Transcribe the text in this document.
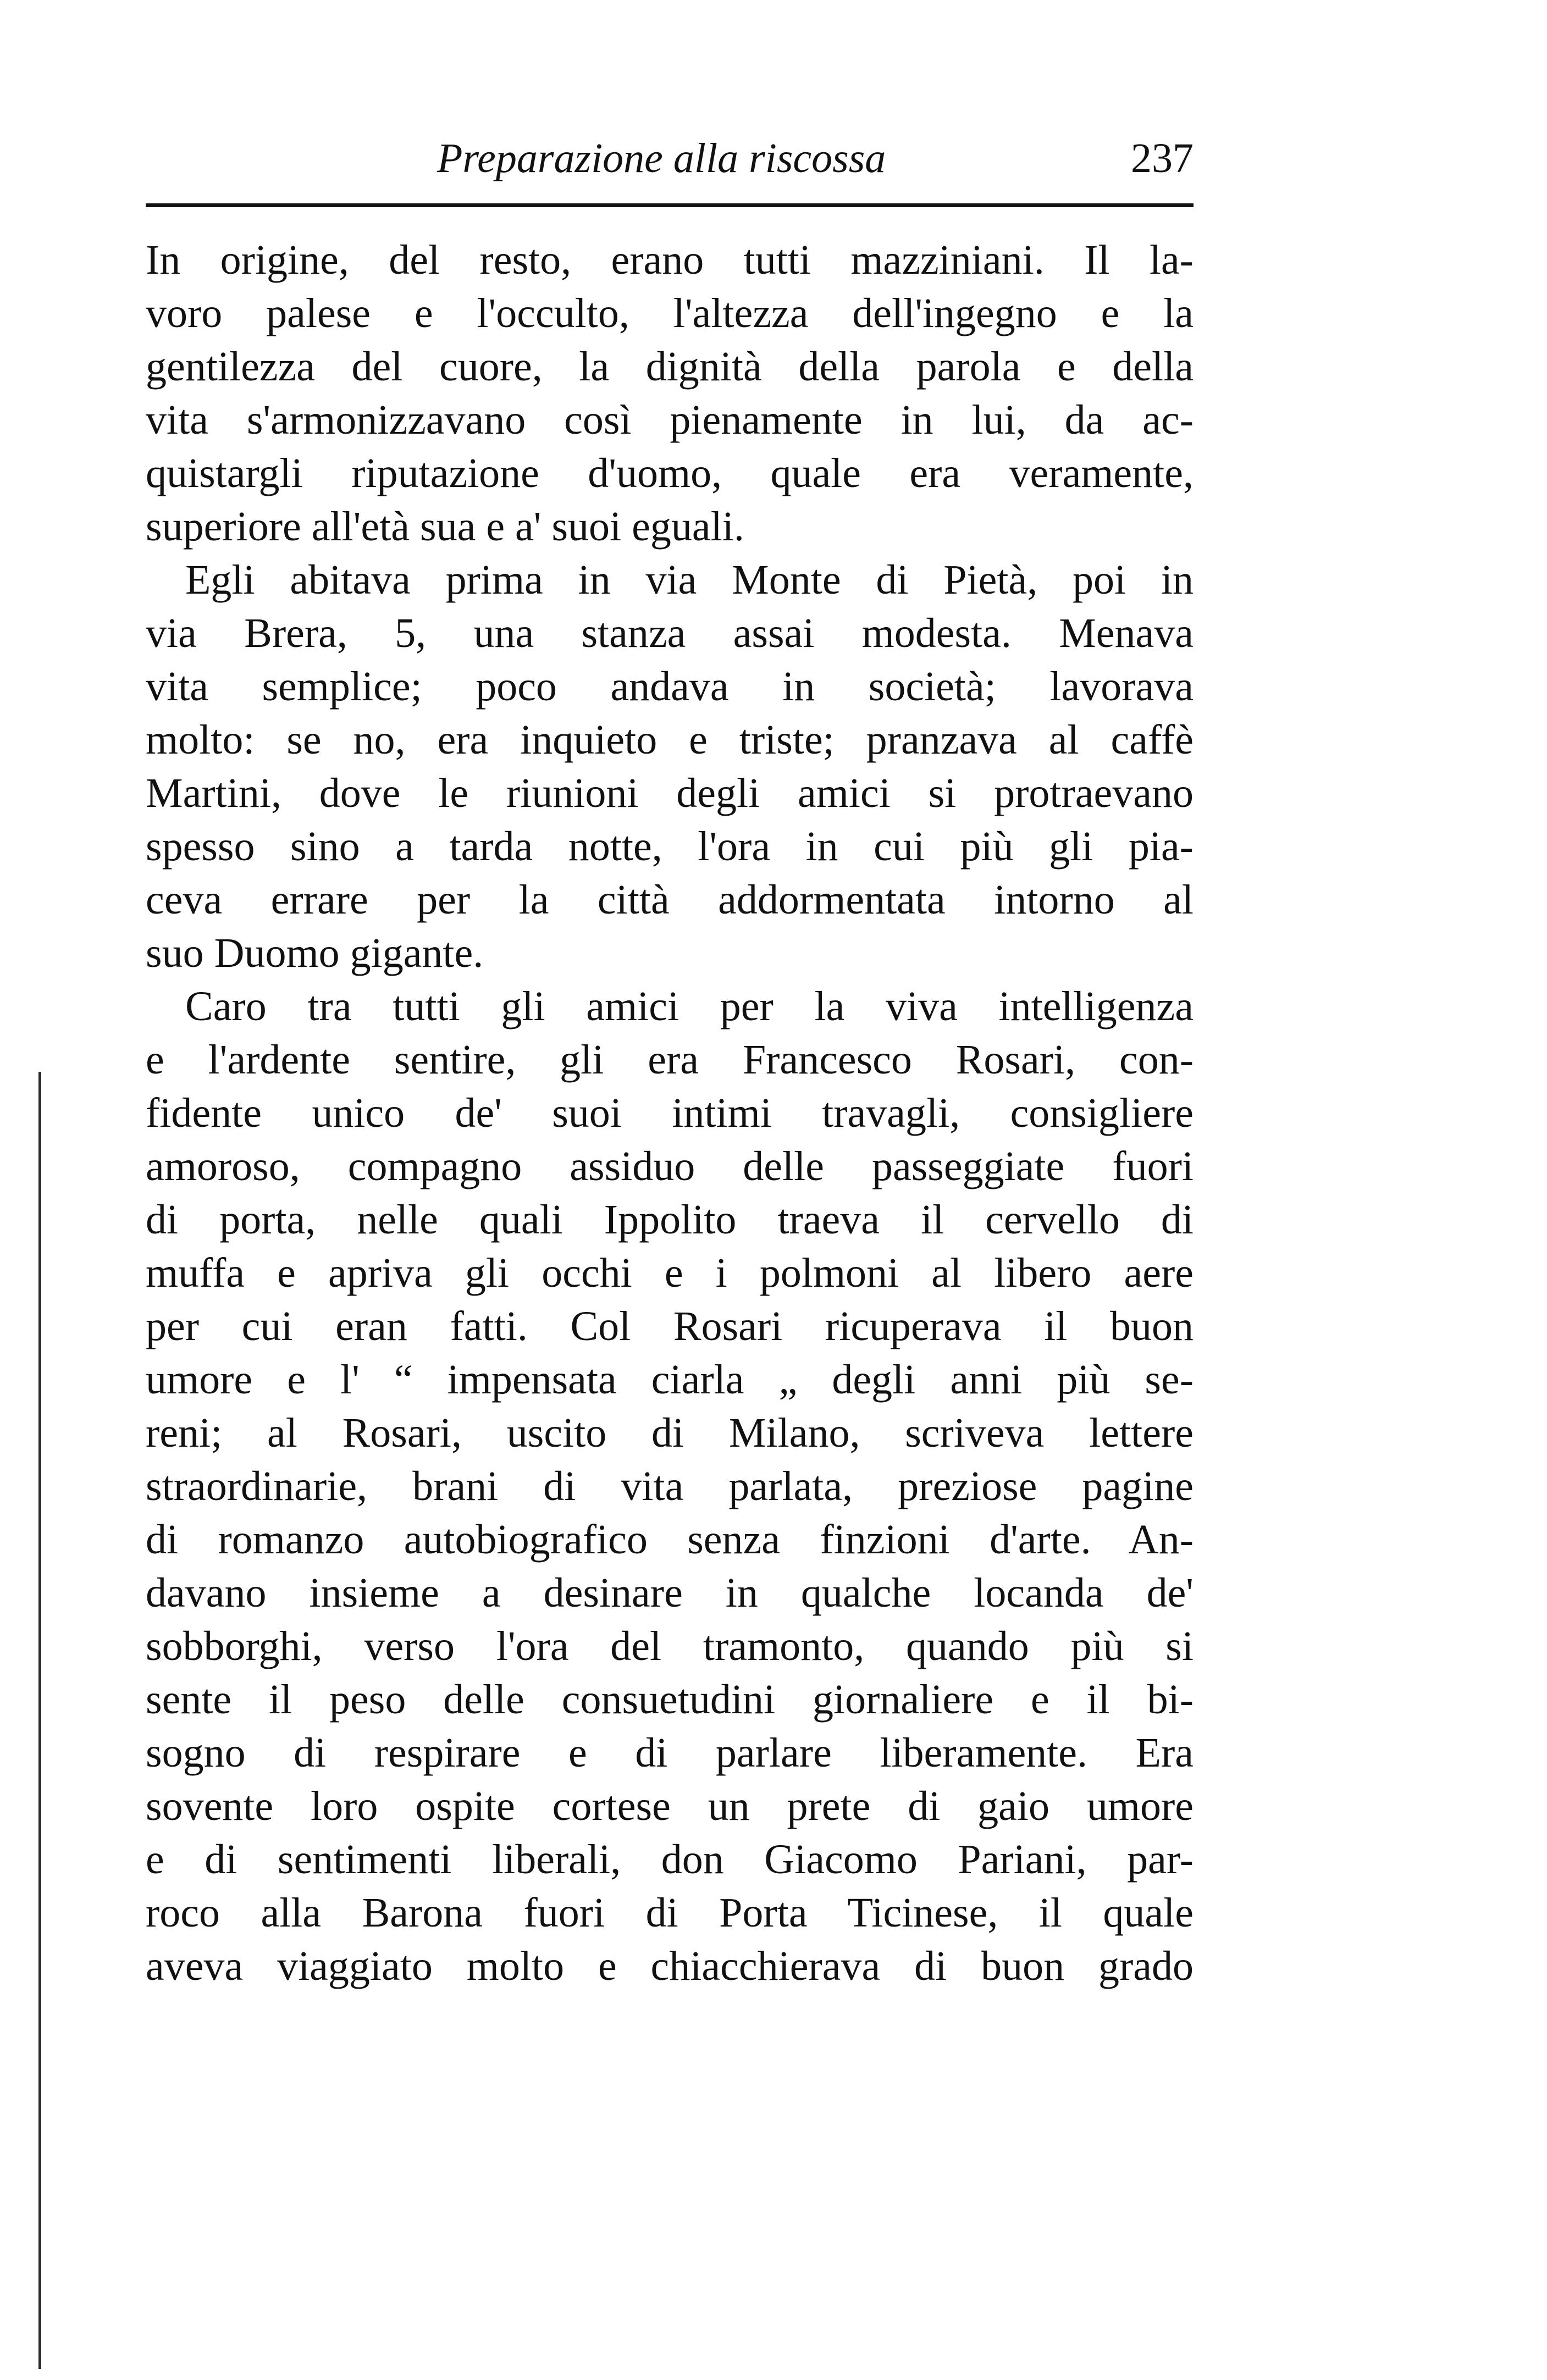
Preparazione alla riscossa	237
In origine, del resto, erano tutti mazziniani. Il la-
voro palese e l'occulto, l'altezza dell'ingegno e la
gentilezza del cuore, la dignità della parola e della
vita s'armonizzavano così pienamente in lui, da ac-
quistargli riputazione d'uomo, quale era veramente,
superiore all'età sua e a' suoi eguali.
Egli abitava prima in via Monte di Pietà, poi in
via Brera, 5, una stanza assai modesta. Menava
vita semplice; poco andava in società; lavorava
molto: se no, era inquieto e triste; pranzava al caffè
Martini, dove le riunioni degli amici si protraevano
spesso sino a tarda notte, l'ora in cui più gli pia-
ceva errare per la città addormentata intorno al
suo Duomo gigante.
Caro tra tutti gli amici per la viva intelligenza
e l'ardente sentire, gli era Francesco Rosari, con-
fidente unico de' suoi intimi travagli, consigliere
amoroso, compagno assiduo delle passeggiate fuori
di porta, nelle quali Ippolito traeva il cervello di
muffa e apriva gli occhi e i polmoni al libero aere
per cui eran fatti. Col Rosari ricuperava il buon
umore e l' “ impensata ciarla „ degli anni più se-
reni; al Rosari, uscito di Milano, scriveva lettere
straordinarie, brani di vita parlata, preziose pagine
di romanzo autobiografico senza finzioni d'arte. An-
davano insieme a desinare in qualche locanda de'
sobborghi, verso l'ora del tramonto, quando più si
sente il peso delle consuetudini giornaliere e il bi-
sogno di respirare e di parlare liberamente. Era
sovente loro ospite cortese un prete di gaio umore
e di sentimenti liberali, don Giacomo Pariani, par-
roco alla Barona fuori di Porta Ticinese, il quale
aveva viaggiato molto e chiacchierava di buon grado
